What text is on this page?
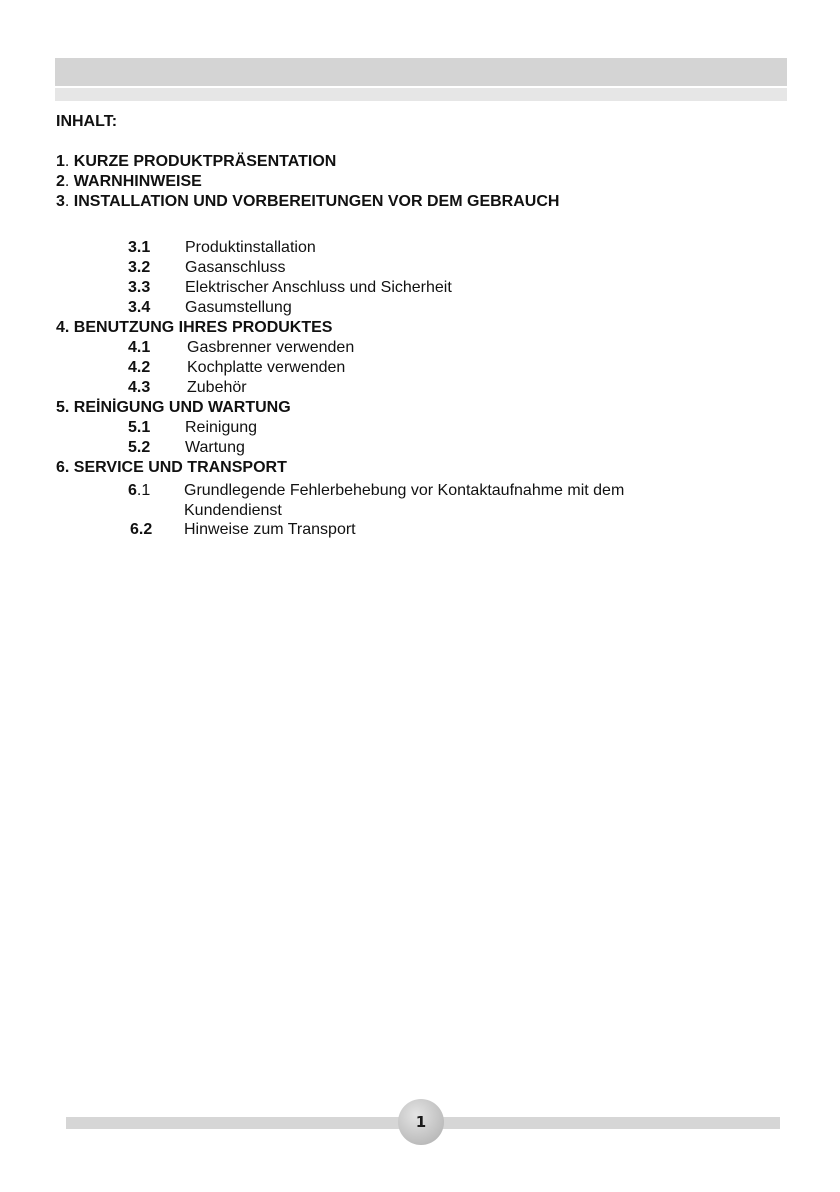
INHALT:
1. KURZE PRODUKTPRÄSENTATION
2. WARNHINWEISE
3. INSTALLATION UND VORBEREITUNGEN VOR DEM GEBRAUCH
3.1 Produktinstallation
3.2 Gasanschluss
3.3 Elektrischer Anschluss und Sicherheit
3.4 Gasumstellung
4. BENUTZUNG IHRES PRODUKTES
4.1 Gasbrenner verwenden
4.2 Kochplatte verwenden
4.3 Zubehör
5. REİNİGUNG UND WARTUNG
5.1 Reinigung
5.2 Wartung
6. SERVICE UND TRANSPORT
6.1 Grundlegende Fehlerbehebung vor Kontaktaufnahme mit dem
Kundendienst
6.2 Hinweise zum Transport
1
